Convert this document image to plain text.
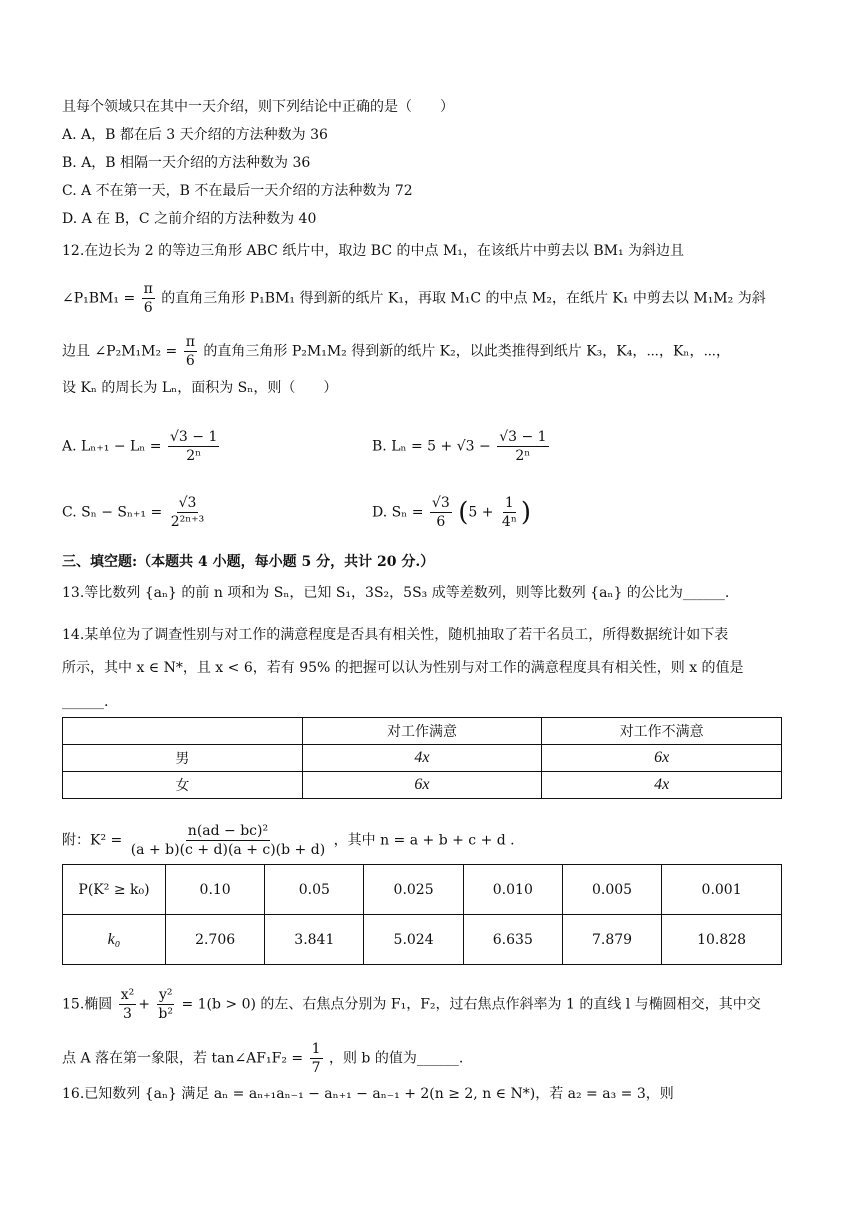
且每个领域只在其中一天介绍，则下列结论中正确的是（　　）
A. A，B 都在后 3 天介绍的方法种数为 36
B. A，B 相隔一天介绍的方法种数为 36
C. A 不在第一天，B 不在最后一天介绍的方法种数为 72
D. A 在 B，C 之前介绍的方法种数为 40
12.在边长为 2 的等边三角形 ABC 纸片中，取边 BC 的中点 M₁，在该纸片中剪去以 BM₁ 为斜边且
∠P₁BM₁ = $\frac{\pi}{6}$ 的直角三角形 P₁BM₁ 得到新的纸片 K₁，再取 M₁C 的中点 M₂，在纸片 K₁ 中剪去以 M₁M₂ 为斜
边且 ∠P₂M₁M₂ = $\frac{\pi}{6}$ 的直角三角形 P₂M₁M₂ 得到新的纸片 K₂，以此类推得到纸片 K₃，K₄，⋯，Kₙ，⋯，
设 Kₙ 的周长为 Lₙ，面积为 Sₙ，则（　　）
A. $L_{n+1} - L_n = \frac{√3 - 1}{\text{2ⁿ}}$	B. $L_n = 5 + √3 - \frac{√3 - 1}{\text{2ⁿ}}$
C. $S_n - S_{n+1} = \frac{√3}{\text{2²ⁿ⁺³}}$	D. $S_n = \frac{√3}{6} (5 + \frac{1}{\text{4ⁿ}}$ )
三、填空题:（本题共 4 小题，每小题 5 分，共计 20 分.）
13.等比数列 {aₙ} 的前 n 项和为 Sₙ，已知 S₁，3S₂，5S₃ 成等差数列，则等比数列 {aₙ} 的公比为______.
14.某单位为了调查性别与对工作的满意程度是否具有相关性，随机抽取了若干名员工，所得数据统计如下表
所示，其中 x ∈ N*，且 x < 6，若有 95% 的把握可以认为性别与对工作的满意程度具有相关性，则 x 的值是
______.
	对工作满意	对工作不满意
男	4x	6x
女	6x	4x
附：$K^2 = \frac{\text{n(ad − bc)²}}{(a + b)(c + d)(a + c)(b + d)}$ ，其中 n = a + b + c + d .
P(K² ≥ k₀)	0.10	0.05	0.025	0.010	0.005	0.001
k₀	2.706	3.841	5.024	6.635	7.879	10.828
15.椭圆 $\frac{\text{x²}}{3} + \frac{\text{y²}}{\text{b²}} = 1(b > 0)$ 的左、右焦点分别为 F₁，F₂，过右焦点作斜率为 1 的直线 l 与椭圆相交，其中交
点 A 落在第一象限，若 tan∠AF₁F₂ = $\frac{1}{7}$ ，则 b 的值为______.
16.已知数列 {aₙ} 满足 aₙ = aₙ₊₁aₙ₋₁ − aₙ₊₁ − aₙ₋₁ + 2(n ≥ 2, n ∈ N*)，若 a₂ = a₃ = 3，则
